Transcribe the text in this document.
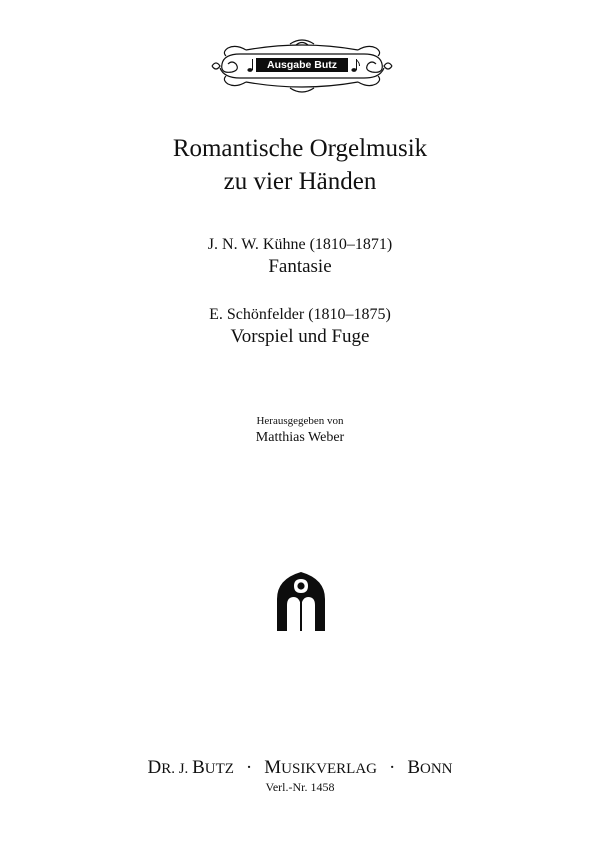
Ausgabe Butz
Romantische Orgelmusik
zu vier Händen
J. N. W. Kühne (1810–1871)
Fantasie
E. Schönfelder (1810–1875)
Vorspiel und Fuge
Herausgegeben von
Matthias Weber
DR. J. BUTZ · MUSIKVERLAG · BONN
Verl.-Nr. 1458
